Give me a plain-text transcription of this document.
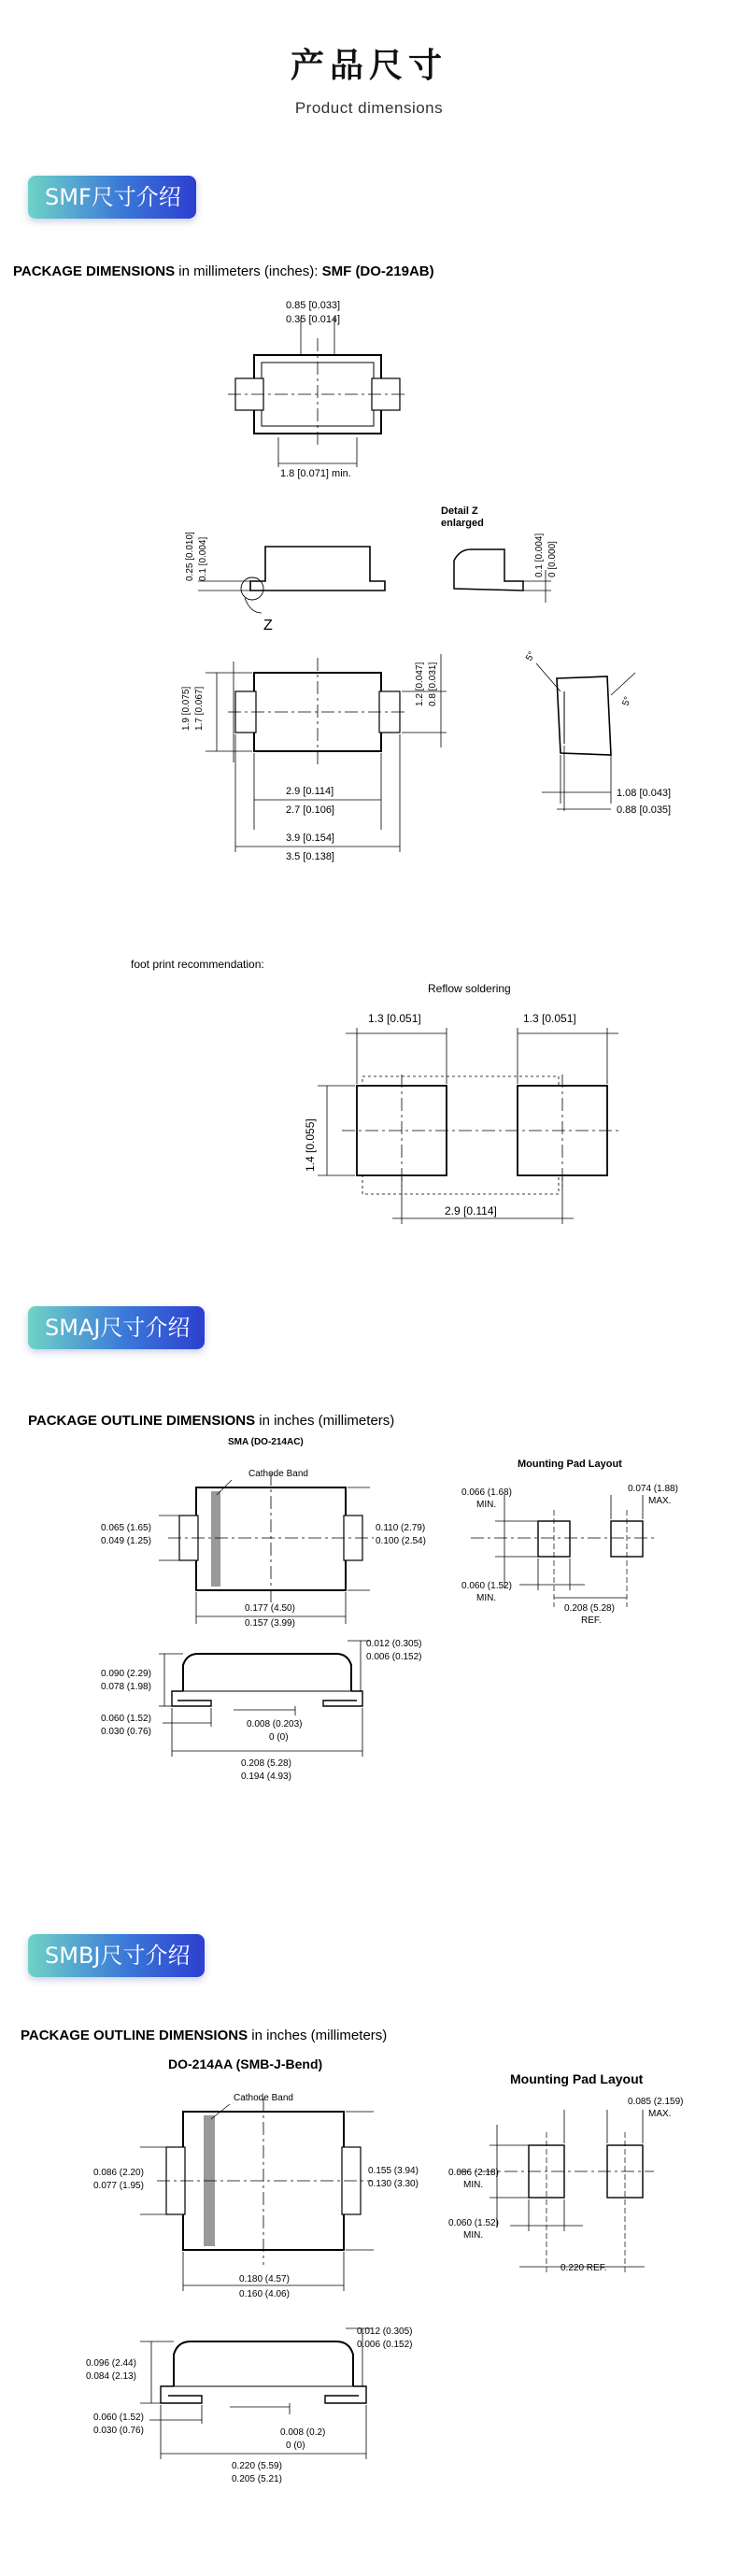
产品尺寸
Product dimensions
SMF尺寸介绍
PACKAGE DIMENSIONS in millimeters (inches): SMF (DO-219AB)
0.85 [0.033]
0.35 [0.014]
1.8 [0.071] min.
0.25 [0.010] 0.1 [0.004]
Z
Detail Z
enlarged
0.1 [0.004] 0 [0.000]
1.9 [0.075] 1.7 [0.067]
1.2 [0.047] 0.8 [0.031]
2.9 [0.114]
2.7 [0.106]
3.9 [0.154]
3.5 [0.138]
5°
5°
1.08 [0.043]
0.88 [0.035]
foot print recommendation:
Reflow soldering
1.3 [0.051]	1.3 [0.051]
1.4 [0.055]
2.9 [0.114]
SMAJ尺寸介绍
PACKAGE OUTLINE DIMENSIONS in inches (millimeters)
SMA (DO-214AC)
Cathode Band
0.065 (1.65)
0.049 (1.25)
0.110 (2.79)
0.100 (2.54)
0.177 (4.50)
0.157 (3.99)
0.012 (0.305)
0.006 (0.152)
0.090 (2.29)
0.078 (1.98)
0.060 (1.52)
0.030 (0.76)
0.008 (0.203)
0 (0)
0.208 (5.28)
0.194 (4.93)
Mounting Pad Layout
0.066 (1.68)
MIN.
0.074 (1.88)
MAX.
0.060 (1.52)
MIN.
0.208 (5.28)
REF.
SMBJ尺寸介绍
PACKAGE OUTLINE DIMENSIONS in inches (millimeters)
DO-214AA (SMB-J-Bend)
Mounting Pad Layout
Cathode Band
0.086 (2.20)
0.077 (1.95)
0.155 (3.94)
0.130 (3.30)
0.180 (4.57)
0.160 (4.06)
0.012 (0.305)
0.006 (0.152)
0.096 (2.44)
0.084 (2.13)
0.060 (1.52)
0.030 (0.76)	0.008 (0.2)
0 (0)
0.220 (5.59)
0.205 (5.21)
0.085 (2.159)
MAX.
0.086 (2.18)
MIN.
0.060 (1.52)
MIN.
0.220 REF.
